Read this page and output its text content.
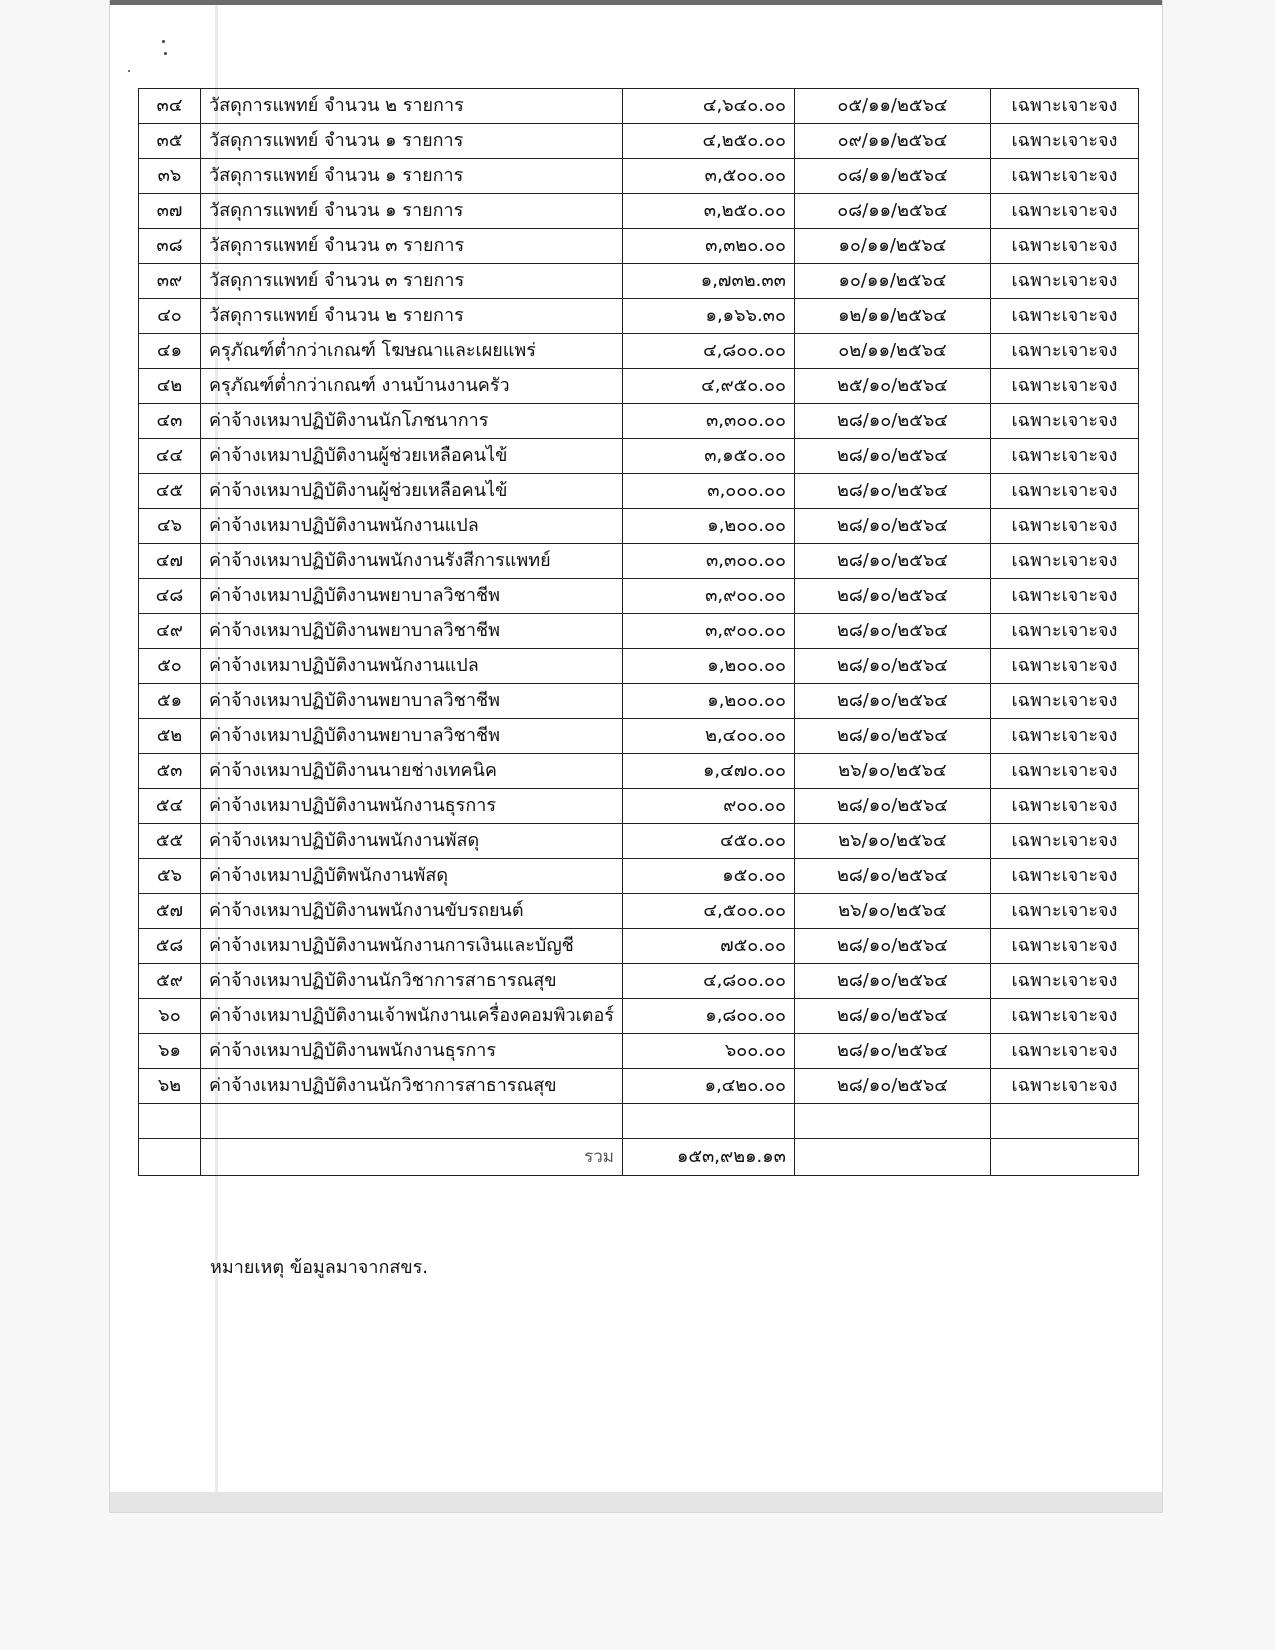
๓๔	วัสดุการแพทย์ จำนวน ๒ รายการ	๔,๖๔๐.๐๐	๐๕/๑๑/๒๕๖๔	เฉพาะเจาะจง
๓๕	วัสดุการแพทย์ จำนวน ๑ รายการ	๔,๒๕๐.๐๐	๐๙/๑๑/๒๕๖๔	เฉพาะเจาะจง
๓๖	วัสดุการแพทย์ จำนวน ๑ รายการ	๓,๕๐๐.๐๐	๐๘/๑๑/๒๕๖๔	เฉพาะเจาะจง
๓๗	วัสดุการแพทย์ จำนวน ๑ รายการ	๓,๒๕๐.๐๐	๐๘/๑๑/๒๕๖๔	เฉพาะเจาะจง
๓๘	วัสดุการแพทย์ จำนวน ๓ รายการ	๓,๓๒๐.๐๐	๑๐/๑๑/๒๕๖๔	เฉพาะเจาะจง
๓๙	วัสดุการแพทย์ จำนวน ๓ รายการ	๑,๗๓๒.๓๓	๑๐/๑๑/๒๕๖๔	เฉพาะเจาะจง
๔๐	วัสดุการแพทย์ จำนวน ๒ รายการ	๑,๑๖๖.๓๐	๑๒/๑๑/๒๕๖๔	เฉพาะเจาะจง
๔๑	ครุภัณฑ์ต่ำกว่าเกณฑ์ โฆษณาและเผยแพร่	๔,๘๐๐.๐๐	๐๒/๑๑/๒๕๖๔	เฉพาะเจาะจง
๔๒	ครุภัณฑ์ต่ำกว่าเกณฑ์ งานบ้านงานครัว	๔,๙๕๐.๐๐	๒๕/๑๐/๒๕๖๔	เฉพาะเจาะจง
๔๓	ค่าจ้างเหมาปฏิบัติงานนักโภชนาการ	๓,๓๐๐.๐๐	๒๘/๑๐/๒๕๖๔	เฉพาะเจาะจง
๔๔	ค่าจ้างเหมาปฏิบัติงานผู้ช่วยเหลือคนไข้	๓,๑๕๐.๐๐	๒๘/๑๐/๒๕๖๔	เฉพาะเจาะจง
๔๕	ค่าจ้างเหมาปฏิบัติงานผู้ช่วยเหลือคนไข้	๓,๐๐๐.๐๐	๒๘/๑๐/๒๕๖๔	เฉพาะเจาะจง
๔๖	ค่าจ้างเหมาปฏิบัติงานพนักงานแปล	๑,๒๐๐.๐๐	๒๘/๑๐/๒๕๖๔	เฉพาะเจาะจง
๔๗	ค่าจ้างเหมาปฏิบัติงานพนักงานรังสีการแพทย์	๓,๓๐๐.๐๐	๒๘/๑๐/๒๕๖๔	เฉพาะเจาะจง
๔๘	ค่าจ้างเหมาปฏิบัติงานพยาบาลวิชาชีพ	๓,๙๐๐.๐๐	๒๘/๑๐/๒๕๖๔	เฉพาะเจาะจง
๔๙	ค่าจ้างเหมาปฏิบัติงานพยาบาลวิชาชีพ	๓,๙๐๐.๐๐	๒๘/๑๐/๒๕๖๔	เฉพาะเจาะจง
๕๐	ค่าจ้างเหมาปฏิบัติงานพนักงานแปล	๑,๒๐๐.๐๐	๒๘/๑๐/๒๕๖๔	เฉพาะเจาะจง
๕๑	ค่าจ้างเหมาปฏิบัติงานพยาบาลวิชาชีพ	๑,๒๐๐.๐๐	๒๘/๑๐/๒๕๖๔	เฉพาะเจาะจง
๕๒	ค่าจ้างเหมาปฏิบัติงานพยาบาลวิชาชีพ	๒,๔๐๐.๐๐	๒๘/๑๐/๒๕๖๔	เฉพาะเจาะจง
๕๓	ค่าจ้างเหมาปฏิบัติงานนายช่างเทคนิค	๑,๔๗๐.๐๐	๒๖/๑๐/๒๕๖๔	เฉพาะเจาะจง
๕๔	ค่าจ้างเหมาปฏิบัติงานพนักงานธุรการ	๙๐๐.๐๐	๒๘/๑๐/๒๕๖๔	เฉพาะเจาะจง
๕๕	ค่าจ้างเหมาปฏิบัติงานพนักงานพัสดุ	๔๕๐.๐๐	๒๖/๑๐/๒๕๖๔	เฉพาะเจาะจง
๕๖	ค่าจ้างเหมาปฏิบัติพนักงานพัสดุ	๑๕๐.๐๐	๒๘/๑๐/๒๕๖๔	เฉพาะเจาะจง
๕๗	ค่าจ้างเหมาปฏิบัติงานพนักงานขับรถยนต์	๔,๕๐๐.๐๐	๒๖/๑๐/๒๕๖๔	เฉพาะเจาะจง
๕๘	ค่าจ้างเหมาปฏิบัติงานพนักงานการเงินและบัญชี	๗๕๐.๐๐	๒๘/๑๐/๒๕๖๔	เฉพาะเจาะจง
๕๙	ค่าจ้างเหมาปฏิบัติงานนักวิชาการสาธารณสุข	๔,๘๐๐.๐๐	๒๘/๑๐/๒๕๖๔	เฉพาะเจาะจง
๖๐	ค่าจ้างเหมาปฏิบัติงานเจ้าพนักงานเครื่องคอมพิวเตอร์	๑,๘๐๐.๐๐	๒๘/๑๐/๒๕๖๔	เฉพาะเจาะจง
๖๑	ค่าจ้างเหมาปฏิบัติงานพนักงานธุรการ	๖๐๐.๐๐	๒๘/๑๐/๒๕๖๔	เฉพาะเจาะจง
๖๒	ค่าจ้างเหมาปฏิบัติงานนักวิชาการสาธารณสุข	๑,๔๒๐.๐๐	๒๘/๑๐/๒๕๖๔	เฉพาะเจาะจง

	รวม	๑๕๓,๙๒๑.๑๓		
หมายเหตุ ข้อมูลมาจากสขร.
